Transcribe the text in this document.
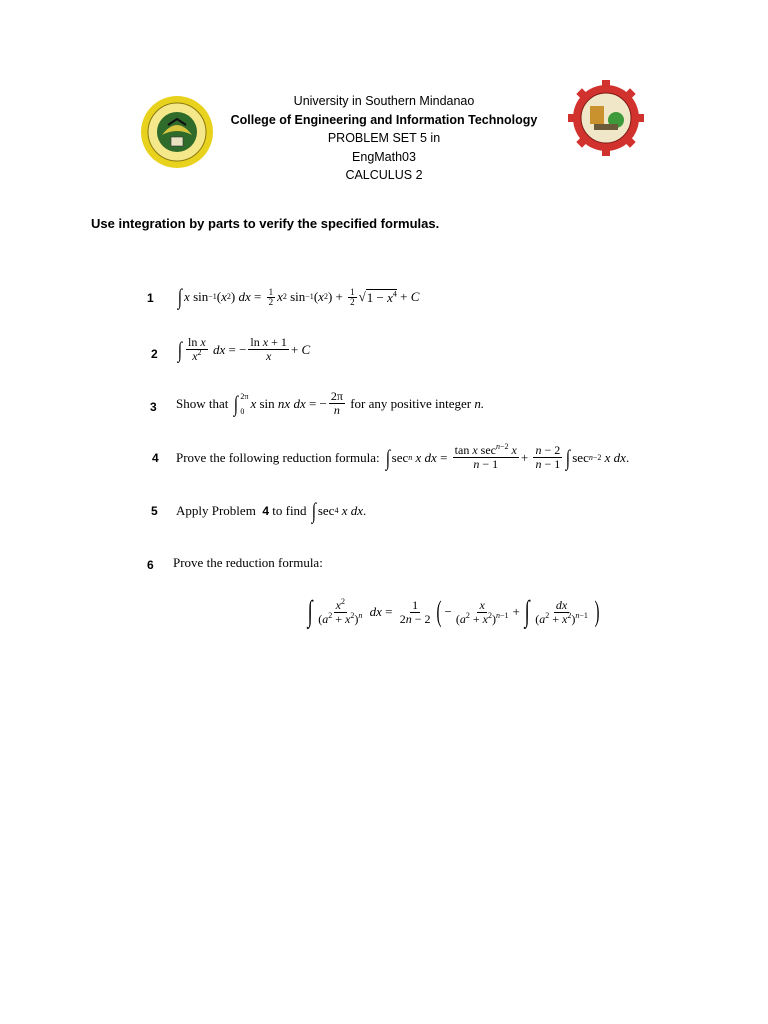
University in Southern Mindanao
College of Engineering and Information Technology
PROBLEM SET 5 in
EngMath03
CALCULUS 2
Use integration by parts to verify the specified formulas.
1 ∫ x sin −1 ( x 2 ) dx = $\frac{1}{2}$ x 2 sin −1 ( x 2 ) + $\frac{1}{2}$ √ $1 - x^4 + C$
2 ∫ $\frac{\text{ln x}}{x^2}$
dx = − $\frac{\text{ln x + 1}}{x} + C$
3 Show that ∫ 2π
0
x sin nx
dx = − $\frac{2\pi}{n}$
for any positive integer
n.
4 Prove the following reduction formula: ∫ sec n
x
dx = $\frac{\tan x \sec^{n-2} x}{n - 1} + \frac{n - 2}{n - 1}$ ∫ sec n−2
x
dx .
5 Apply Problem
4
to find
∫ sec 4
x
dx .
6 Prove the reduction formula:
∫ $\frac{x^2}{(a^2 + x^2)^n}$
dx = $\frac{1}{2n - 2}$ ( − $\frac{x}{(a^2 + x^2)^{n-1}}$ + ∫ $\frac{dx}{(a^2 + x^2)^{n-1}}$ )
